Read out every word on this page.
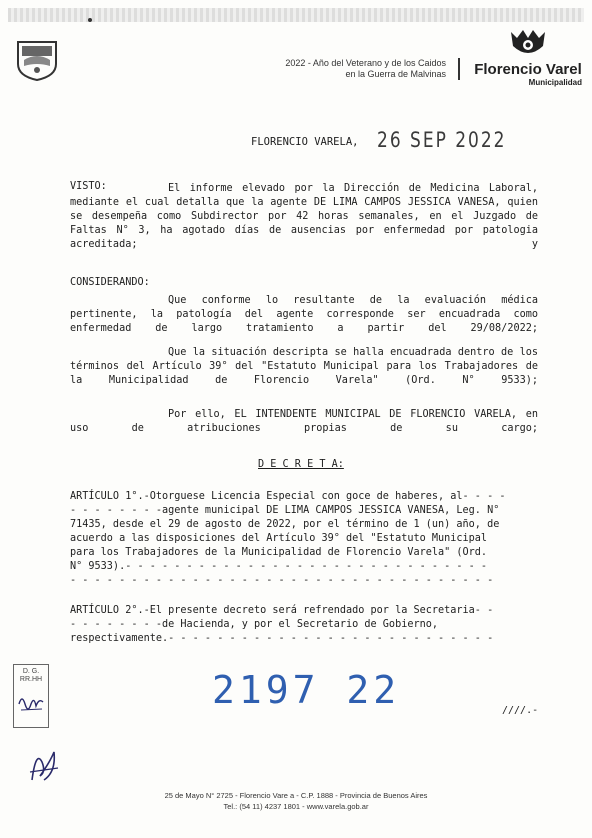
2022 - Año del Veterano y de los Caidos
en la Guerra de Malvinas Florencio Varel
Municipalidad
FLORENCIO VARELA, 26 SEP 2022
VISTO:	El informe elevado por la Dirección de Medicina Laboral, mediante el cual detalla que la agente DE LIMA CAMPOS JESSICA VANESA, quien se desempeña como Subdirector por 42 horas semanales, en el Juzgado de Faltas N° 3, ha agotado días de ausencias por enfermedad por patologia acreditada; y
CONSIDERANDO:
Que conforme lo resultante de la evaluación médica pertinente, la patología del agente corresponde ser encuadrada como enfermedad de largo tratamiento a partir del 29/08/2022;
Que la situación descripta se halla encuadrada dentro de los términos del Artículo 39° del "Estatuto Municipal para los Trabajadores de la Municipalidad de Florencio Varela" (Ord. N° 9533);
Por ello, EL INTENDENTE MUNICIPAL DE FLORENCIO VARELA, en uso de atribuciones propias de su cargo;
D E C R E T A:
ARTÍCULO 1°.-Otorguese Licencia Especial con goce de haberes, al- - - -
- - - - - - - -agente municipal DE LIMA CAMPOS JESSICA VANESA, Leg. N°
71435, desde el 29 de agosto de 2022, por el término de 1 (un) año, de
acuerdo a las disposiciones del Artículo 39° del "Estatuto Municipal
para los Trabajadores de la Municipalidad de Florencio Varela" (Ord.
N° 9533).- - - - - - - - - - - - - - - - - - - - - - - - - - - - - -
- - - - - - - - - - - - - - - - - - - - - - - - - - - - - - - - - - -
ARTÍCULO 2°.-El presente decreto será refrendado por la Secretaria- -
- - - - - - - -de Hacienda, y por el Secretario de Gobierno,
respectivamente.- - - - - - - - - - - - - - - - - - - - - - - - - - -
D. G.
RR.HH	2197 22	////.-
25 de Mayo N° 2725 - Florencio Vare a - C.P. 1888 - Provincia de Buenos Aires
Tel.: (54 11) 4237 1801 - www.varela.gob.ar
